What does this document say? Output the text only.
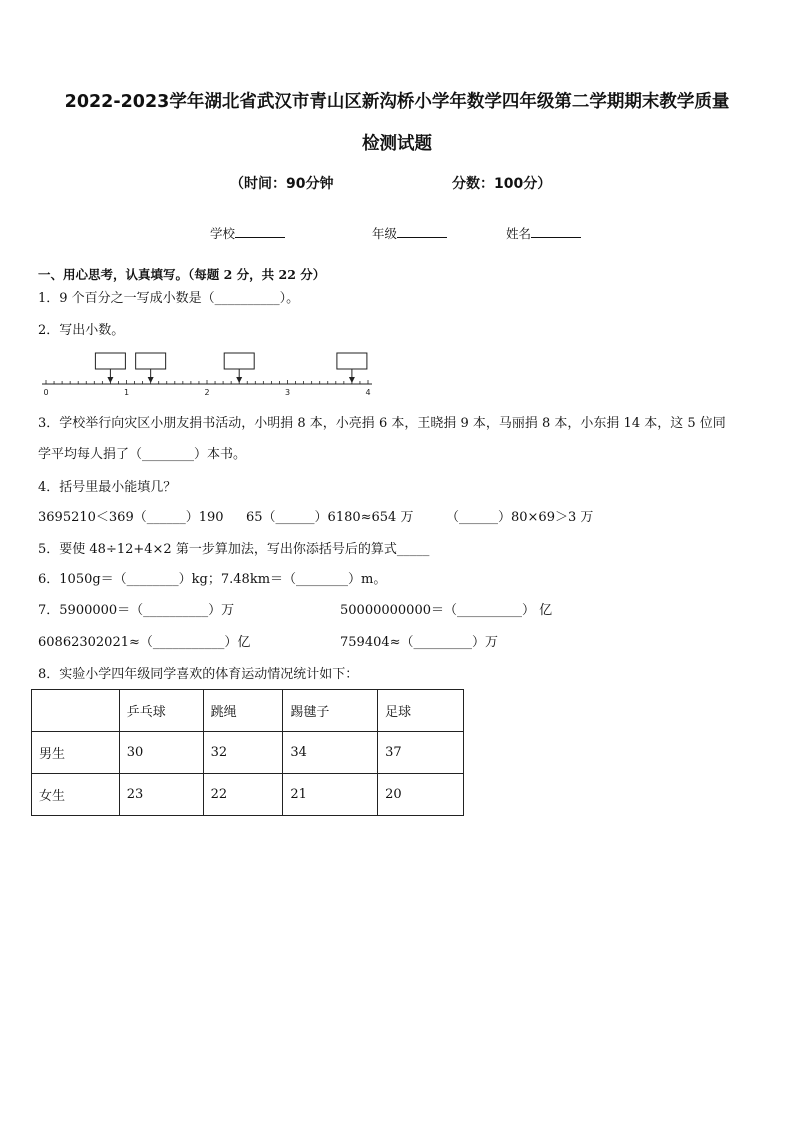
2022-2023学年湖北省武汉市青山区新沟桥小学年数学四年级第二学期期末教学质量
检测试题
（时间：90分钟	分数：100分）
学校	年级	姓名
一、用心思考，认真填写。（每题 2 分，共 22 分）
1．9 个百分之一写成小数是（__________）。
2．写出小数。
0	1	2	3	4
3．学校举行向灾区小朋友捐书活动，小明捐 8 本，小亮捐 6 本，王晓捐 9 本，马丽捐 8 本，小东捐 14 本，这 5 位同
学平均每人捐了（________）本书。
4．括号里最小能填几？
3695210＜369（______）190 65（______）6180≈654 万	（______）80×69＞3 万
5．要使 48÷12+4×2 第一步算加法，写出你添括号后的算式_____
6．1050g＝（________）kg；7.48km＝（________）m。
7．5900000＝（__________）万	50000000000＝（__________） 亿
60862302021≈（___________）亿	759404≈（_________）万
8．实验小学四年级同学喜欢的体育运动情况统计如下：
	乒乓球	跳绳	踢毽子	足球
男生	30	32	34	37
女生	23	22	21	20
